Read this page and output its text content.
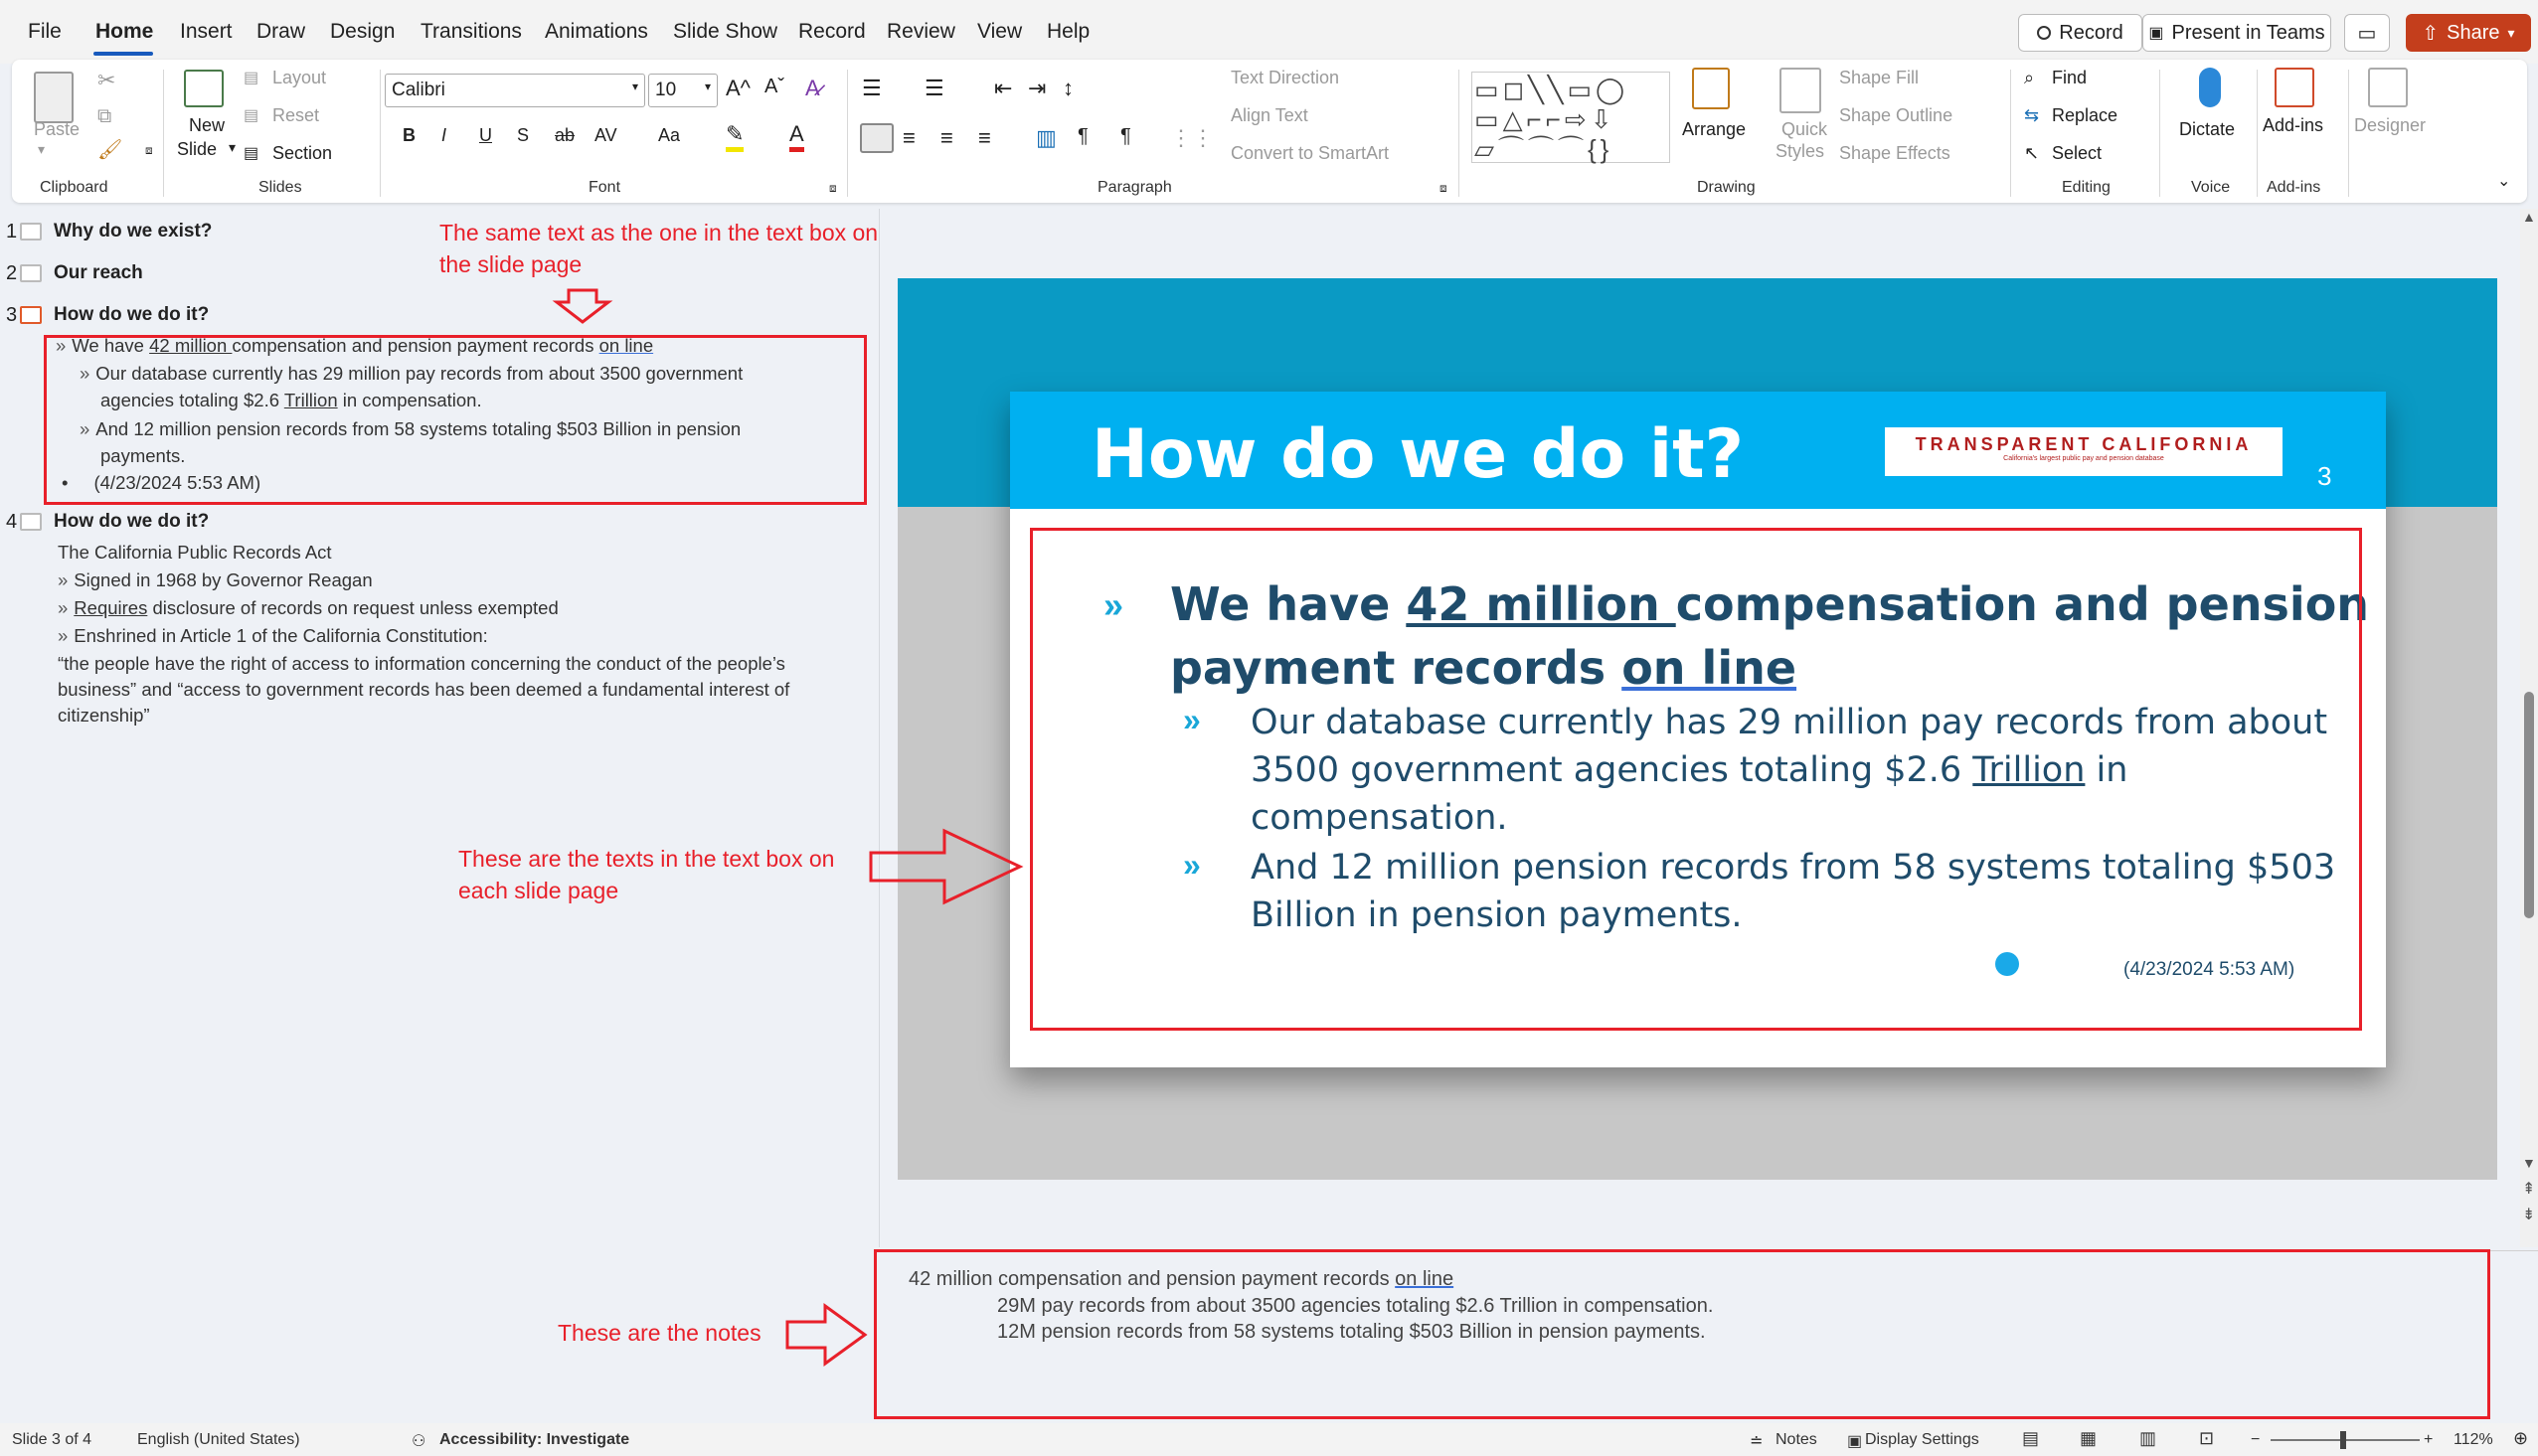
File Home Insert Draw Design Transitions Animations Slide Show Record Review View Help	Record ▣ Present in Teams ▭ ⇧ Share ▾
Paste
▾
✂
⧉
🖌
Clipboard
⧈
New
Slide ▾
▤ Layout
▤ Reset
▤ Section
Slides
Calibri	▾ 10 ▾ A^ Aˇ A̷
B I U S ab AV Aa ✎ A
Font	⧈
☰ ☰ ⇤ ⇥ ↕
≡ ≡ ≡ ▥ ¶ ¶ ⋮⋮
Text Direction
Align Text
Convert to SmartArt
Paragraph	⧈
▭◻╲╲▭◯
▭△⌐⌐⇨⇩
▱⌒⌒⌒{}
Arrange Quick
Styles
Shape Fill
Shape Outline
Shape Effects
Drawing
⌕ Find
⇆ Replace
↖ Select
Editing
Dictate
Voice
Add-ins
Add-ins
Designer
⌄
1 Why do we exist?
2 Our reach
3 How do we do it?
» We have 42 million compensation and pension payment records on line
» Our database currently has 29 million pay records from about 3500 government
agencies totaling $2.6 Trillion in compensation.
» And 12 million pension records from 58 systems totaling $503 Billion in pension
payments.
• (4/23/2024 5:53 AM)
4 How do we do it?
The California Public Records Act
» Signed in 1968 by Governor Reagan
» Requires disclosure of records on request unless exempted
» Enshrined in Article 1 of the California Constitution:
“the people have the right of access to information concerning the conduct of the people’s
business” and “access to government records has been deemed a fundamental interest of
citizenship”
How do we do it?	TRANSPARENT CALIFORNIA
California's largest public pay and pension database
3
» We have 42 million compensation and pension
payment records on line
» Our database currently has 29 million pay records from about
3500 government agencies totaling $2.6 Trillion in
compensation.
» And 12 million pension records from 58 systems totaling $503
Billion in pension payments.
(4/23/2024 5:53 AM)
▲
▼
⇞
⇟
42 million compensation and pension payment records on line
29M pay records from about 3500 agencies totaling $2.6 Trillion in compensation.
12M pension records from 58 systems totaling $503 Billion in pension payments.
The same text as the one in the text box on
the slide page
These are the texts in the text box on
each slide page
These are the notes
Slide 3 of 4	English (United States)	⚇ Accessibility: Investigate	≐ Notes ▣ Display Settings ▤ ▦ ▥ ⊡ −	+ 112% ⊕
